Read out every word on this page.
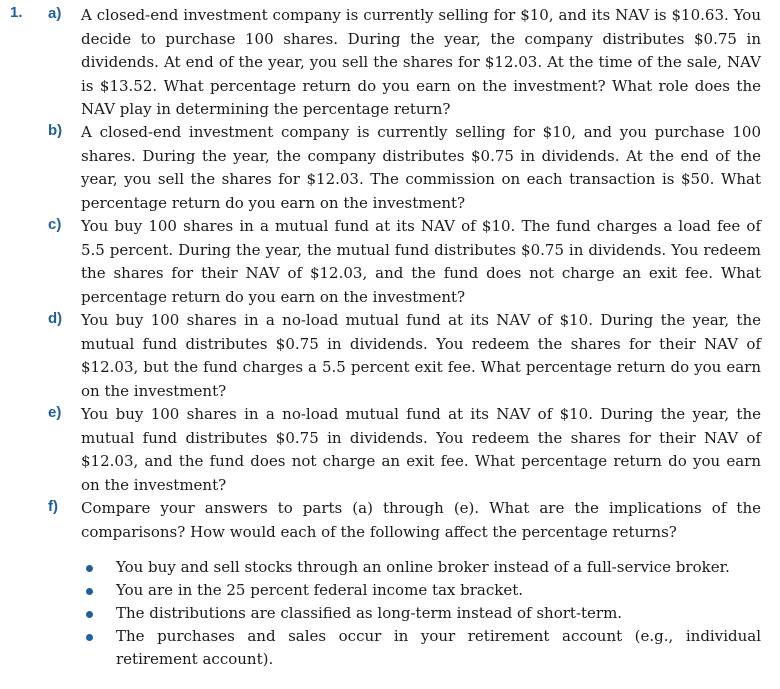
1. a) A closed-end investment company is currently selling for $10, and its NAV is $10.63. You decide to purchase 100 shares. During the year, the company distributes $0.75 in dividends. At end of the year, you sell the shares for $12.03. At the time of the sale, NAV is $13.52. What percentage return do you earn on the investment? What role does the NAV play in determining the percentage return?

b) A closed-end investment company is currently selling for $10, and you purchase 100 shares. During the year, the company distributes $0.75 in dividends. At the end of the year, you sell the shares for $12.03. The commission on each transaction is $50. What percentage return do you earn on the investment?

c) You buy 100 shares in a mutual fund at its NAV of $10. The fund charges a load fee of 5.5 percent. During the year, the mutual fund distributes $0.75 in dividends. You redeem the shares for their NAV of $12.03, and the fund does not charge an exit fee. What percentage return do you earn on the investment?

d) You buy 100 shares in a no-load mutual fund at its NAV of $10. During the year, the mutual fund distributes $0.75 in dividends. You redeem the shares for their NAV of $12.03, but the fund charges a 5.5 percent exit fee. What percentage return do you earn on the investment?

e) You buy 100 shares in a no-load mutual fund at its NAV of $10. During the year, the mutual fund distributes $0.75 in dividends. You redeem the shares for their NAV of $12.03, and the fund does not charge an exit fee. What percentage return do you earn on the investment?

f) Compare your answers to parts (a) through (e). What are the implications of the comparisons? How would each of the following affect the percentage returns?

You buy and sell stocks through an online broker instead of a full-service broker.
You are in the 25 percent federal income tax bracket.
The distributions are classified as long-term instead of short-term.
The purchases and sales occur in your retirement account (e.g., individual retirement account).
